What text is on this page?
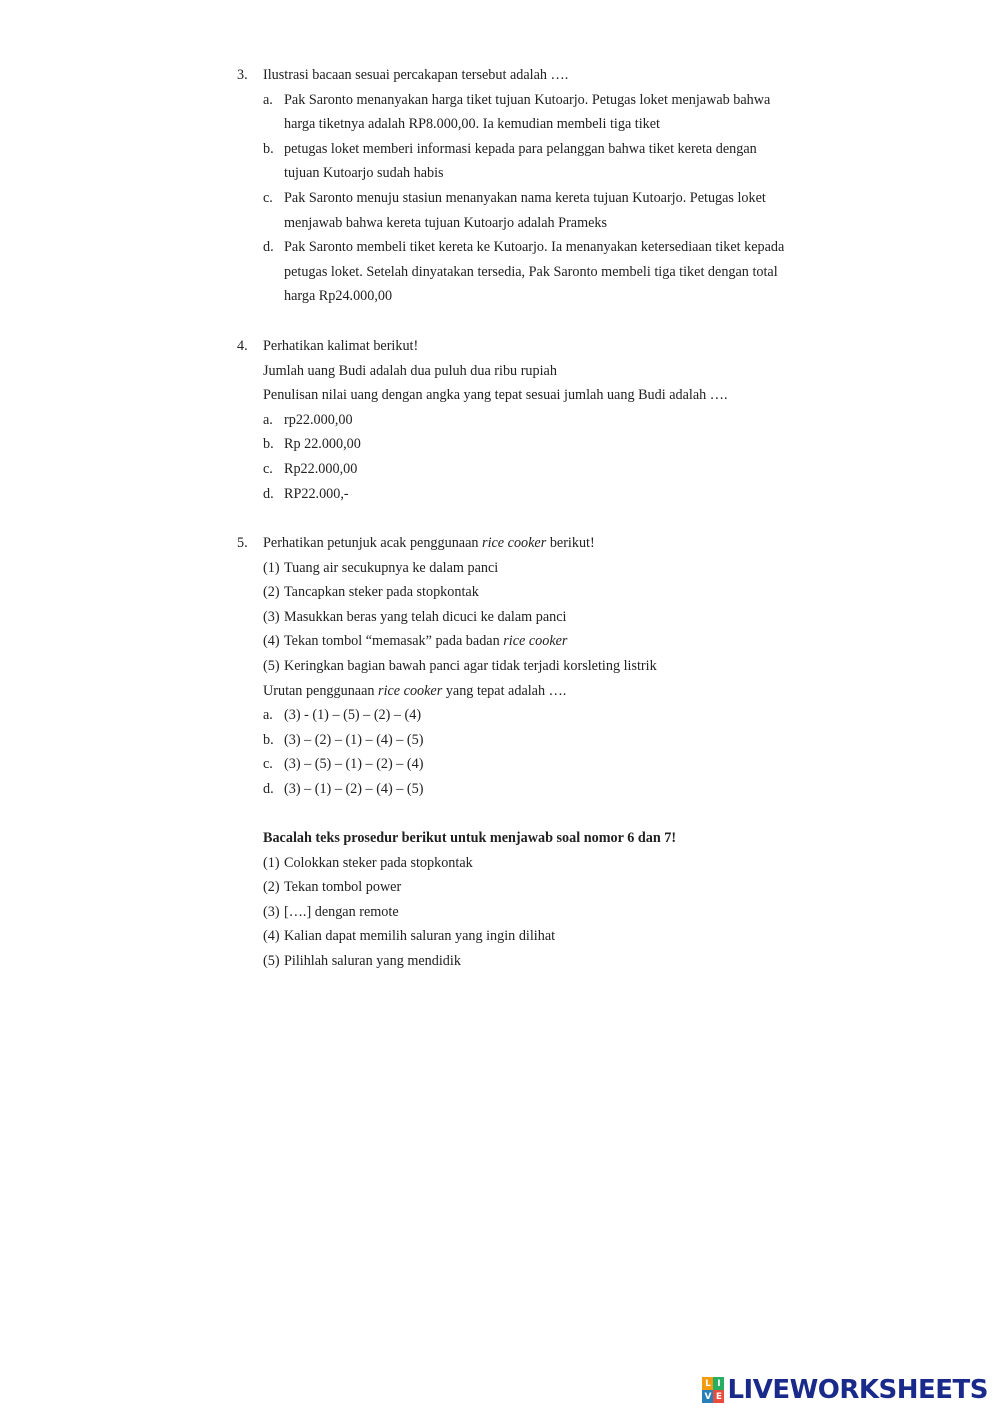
3. Ilustrasi bacaan sesuai percakapan tersebut adalah ….
a. Pak Saronto menanyakan harga tiket tujuan Kutoarjo. Petugas loket menjawab bahwa
harga tiketnya adalah RP8.000,00. Ia kemudian membeli tiga tiket
b. petugas loket memberi informasi kepada para pelanggan bahwa tiket kereta dengan
tujuan Kutoarjo sudah habis
c. Pak Saronto menuju stasiun menanyakan nama kereta tujuan Kutoarjo. Petugas loket
menjawab bahwa kereta tujuan Kutoarjo adalah Prameks
d. Pak Saronto membeli tiket kereta ke Kutoarjo. Ia menanyakan ketersediaan tiket kepada
petugas loket. Setelah dinyatakan tersedia, Pak Saronto membeli tiga tiket dengan total
harga Rp24.000,00
4. Perhatikan kalimat berikut!
Jumlah uang Budi adalah dua puluh dua ribu rupiah
Penulisan nilai uang dengan angka yang tepat sesuai jumlah uang Budi adalah ….
a. rp22.000,00
b. Rp 22.000,00
c. Rp22.000,00
d. RP22.000,-
5. Perhatikan petunjuk acak penggunaan rice cooker berikut!
(1) Tuang air secukupnya ke dalam panci
(2) Tancapkan steker pada stopkontak
(3) Masukkan beras yang telah dicuci ke dalam panci
(4) Tekan tombol “memasak” pada badan rice cooker
(5) Keringkan bagian bawah panci agar tidak terjadi korsleting listrik
Urutan penggunaan rice cooker yang tepat adalah ….
a. (3) - (1) – (5) – (2) – (4)
b. (3) – (2) – (1) – (4) – (5)
c. (3) – (5) – (1) – (2) – (4)
d. (3) – (1) – (2) – (4) – (5)
Bacalah teks prosedur berikut untuk menjawab soal nomor 6 dan 7!
(1) Colokkan steker pada stopkontak
(2) Tekan tombol power
(3) [….] dengan remote
(4) Kalian dapat memilih saluran yang ingin dilihat
(5) Pilihlah saluran yang mendidik
L I
V E LIVEWORKSHEETS
